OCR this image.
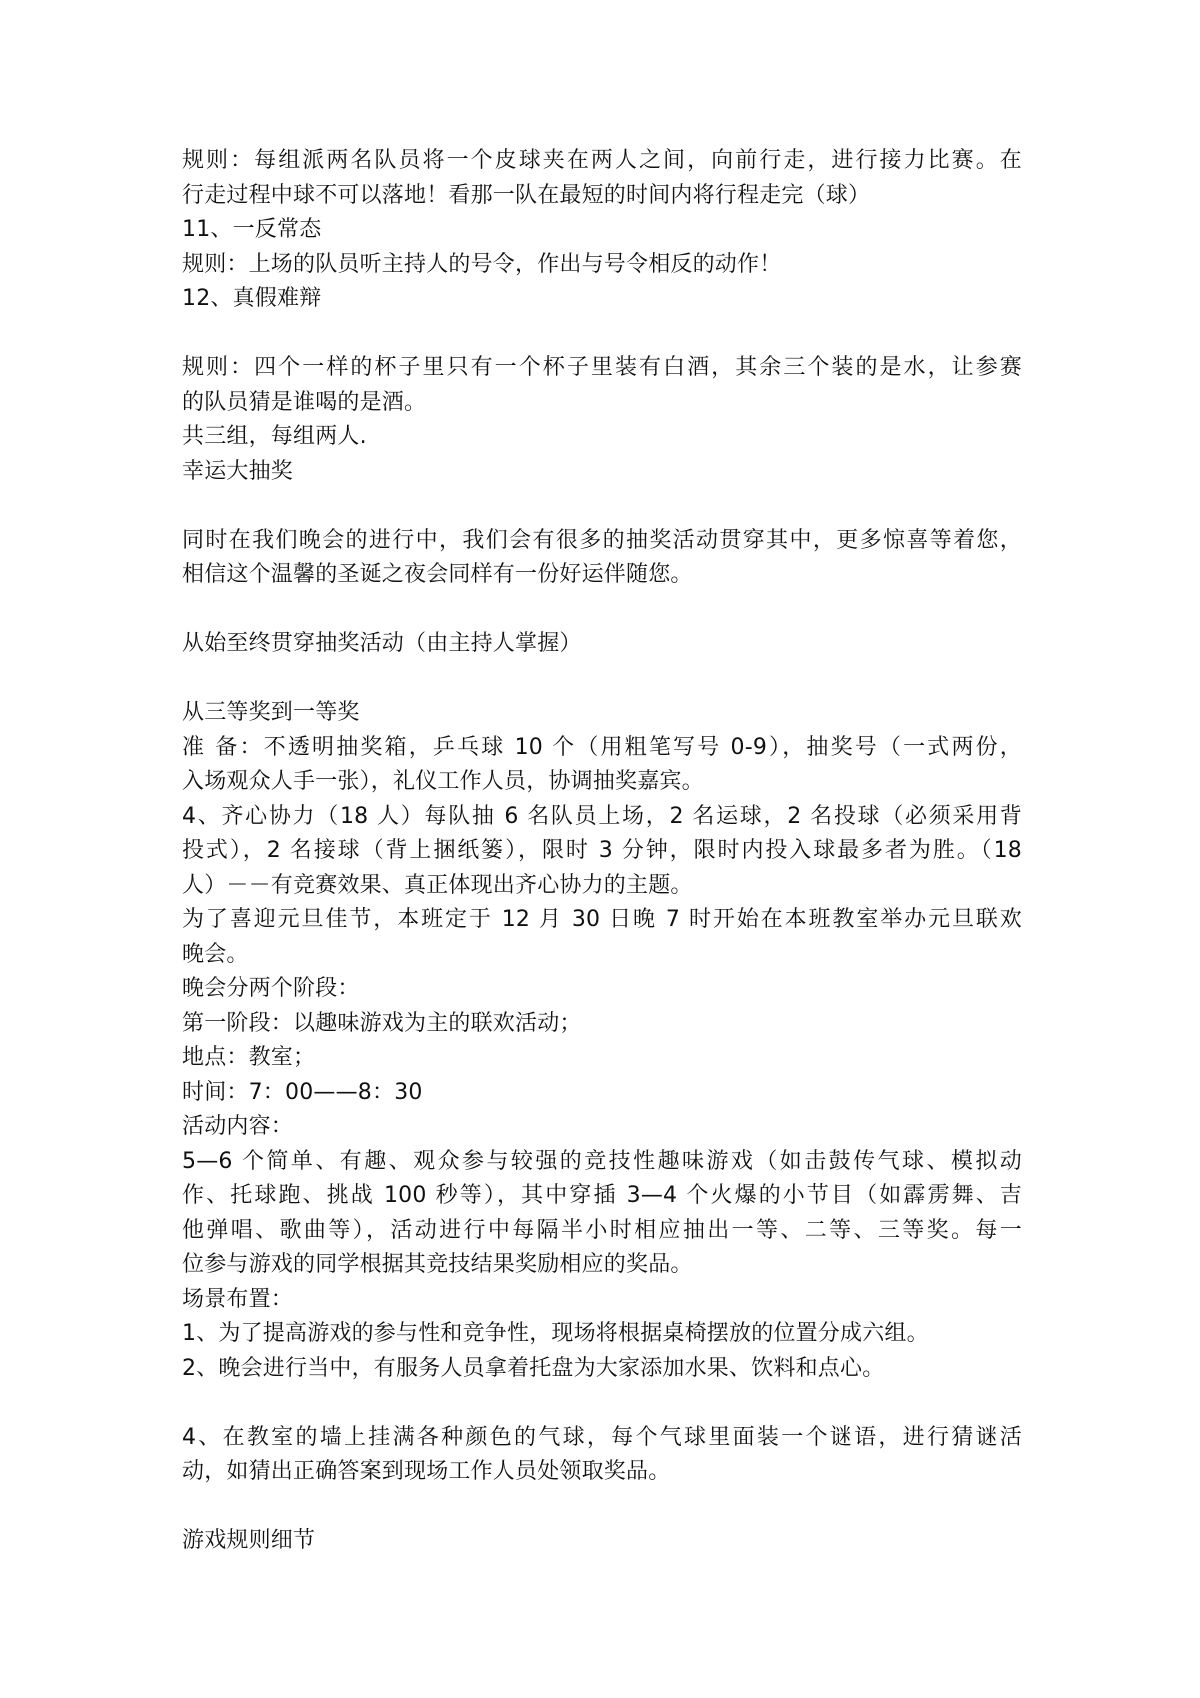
规则：每组派两名队员将一个皮球夹在两人之间，向前行走，进行接力比赛。在
行走过程中球不可以落地！看那一队在最短的时间内将行程走完（球）
11、一反常态
规则：上场的队员听主持人的号令，作出与号令相反的动作！
12、真假难辩
规则：四个一样的杯子里只有一个杯子里装有白酒，其余三个装的是水，让参赛
的队员猜是谁喝的是酒。
共三组，每组两人.
幸运大抽奖
同时在我们晚会的进行中，我们会有很多的抽奖活动贯穿其中，更多惊喜等着您，
相信这个温馨的圣诞之夜会同样有一份好运伴随您。
从始至终贯穿抽奖活动（由主持人掌握）
从三等奖到一等奖
准 备：不透明抽奖箱，乒乓球 10 个（用粗笔写号 0-9），抽奖号（一式两份，
入场观众人手一张），礼仪工作人员，协调抽奖嘉宾。
4、齐心协力（18 人）每队抽 6 名队员上场，2 名运球，2 名投球（必须采用背
投式），2 名接球（背上捆纸篓），限时 3 分钟，限时内投入球最多者为胜。（18
人）－－有竞赛效果、真正体现出齐心协力的主题。
为了喜迎元旦佳节，本班定于 12 月 30 日晚 7 时开始在本班教室举办元旦联欢
晚会。
晚会分两个阶段：
第一阶段：以趣味游戏为主的联欢活动；
地点：教室；
时间：7：00——8：30
活动内容：
5—6 个简单、有趣、观众参与较强的竞技性趣味游戏（如击鼓传气球、模拟动
作、托球跑、挑战 100 秒等），其中穿插 3—4 个火爆的小节目（如霹雳舞、吉
他弹唱、歌曲等），活动进行中每隔半小时相应抽出一等、二等、三等奖。每一
位参与游戏的同学根据其竞技结果奖励相应的奖品。
场景布置：
1、为了提高游戏的参与性和竞争性，现场将根据桌椅摆放的位置分成六组。
2、晚会进行当中，有服务人员拿着托盘为大家添加水果、饮料和点心。
4、在教室的墙上挂满各种颜色的气球，每个气球里面装一个谜语，进行猜谜活
动，如猜出正确答案到现场工作人员处领取奖品。
游戏规则细节
